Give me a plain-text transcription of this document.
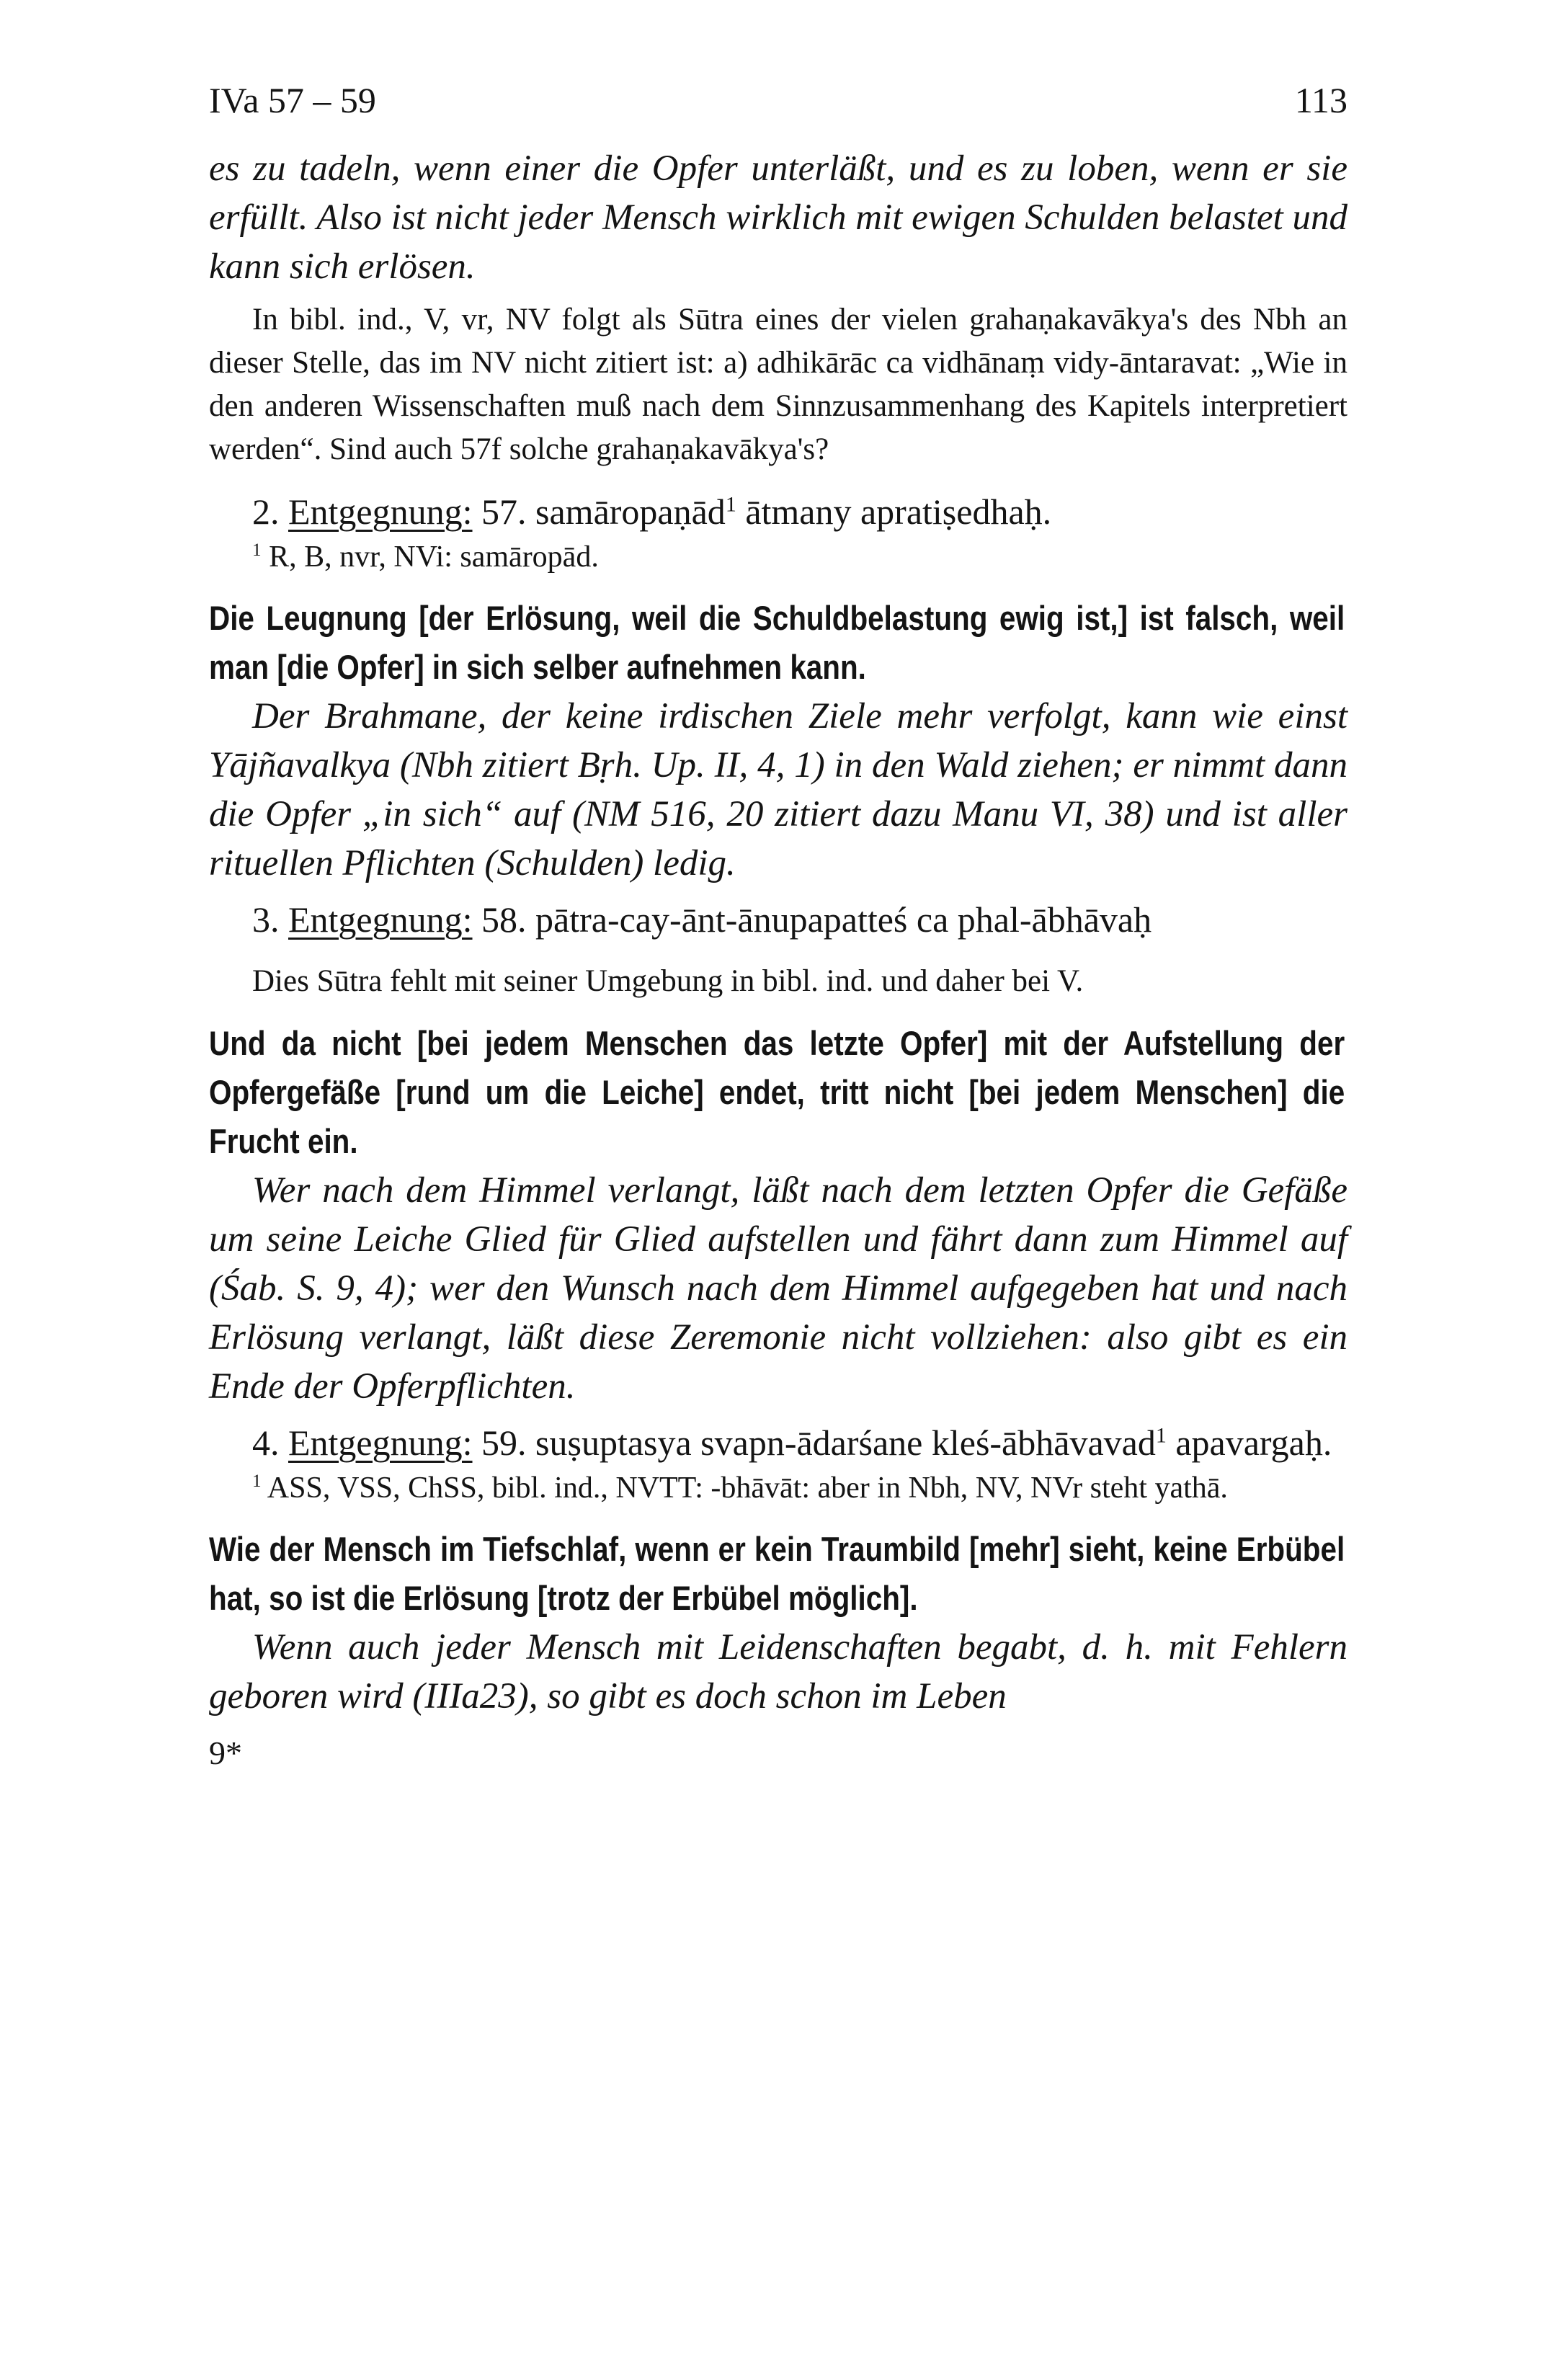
IVa 57 – 59	113

es zu tadeln, wenn einer die Opfer unterläßt, und es zu loben, wenn er sie erfüllt. Also ist nicht jeder Mensch wirklich mit ewigen Schulden belastet und kann sich erlösen.

In bibl. ind., V, vr, NV folgt als Sūtra eines der vielen grahaṇakavākya's des Nbh an dieser Stelle, das im NV nicht zitiert ist: a) adhikārāc ca vidhānaṃ vidy-āntaravat: „Wie in den anderen Wissenschaften muß nach dem Sinnzusammenhang des Kapitels interpretiert werden“. Sind auch 57f solche grahaṇakavākya's?

2. Entgegnung: 57. samāropaṇād$^1$ ātmany apratiṣedhaḥ.

$^1$ R, B, nvr, NVi: samāropād.

Die Leugnung [der Erlösung, weil die Schuldbelastung ewig ist,] ist falsch, weil man [die Opfer] in sich selber aufnehmen kann.

Der Brahmane, der keine irdischen Ziele mehr verfolgt, kann wie einst Yājñavalkya (Nbh zitiert Bṛh. Up. II, 4, 1) in den Wald ziehen; er nimmt dann die Opfer „in sich“ auf (NM 516, 20 zitiert dazu Manu VI, 38) und ist aller rituellen Pflichten (Schulden) ledig.

3. Entgegnung: 58. pātra-cay-ānt-ānupapatteś ca phal-ābhāvaḥ

Dies Sūtra fehlt mit seiner Umgebung in bibl. ind. und daher bei V.

Und da nicht [bei jedem Menschen das letzte Opfer] mit der Aufstellung der Opfergefäße [rund um die Leiche] endet, tritt nicht [bei jedem Menschen] die Frucht ein.

Wer nach dem Himmel verlangt, läßt nach dem letzten Opfer die Gefäße um seine Leiche Glied für Glied aufstellen und fährt dann zum Himmel auf (Śab. S. 9, 4); wer den Wunsch nach dem Himmel aufgegeben hat und nach Erlösung verlangt, läßt diese Zeremonie nicht vollziehen: also gibt es ein Ende der Opferpflichten.

4. Entgegnung: 59. suṣuptasya svapn-ādarśane kleś-ābhāvavad$^1$ apavargaḥ.

$^1$ ASS, VSS, ChSS, bibl. ind., NVTT: -bhāvāt: aber in Nbh, NV, NVr steht yathā.

Wie der Mensch im Tiefschlaf, wenn er kein Traumbild [mehr] sieht, keine Erbübel hat, so ist die Erlösung [trotz der Erbübel möglich].

Wenn auch jeder Mensch mit Leidenschaften begabt, d. h. mit Fehlern geboren wird (IIIa23), so gibt es doch schon im Leben

9*
